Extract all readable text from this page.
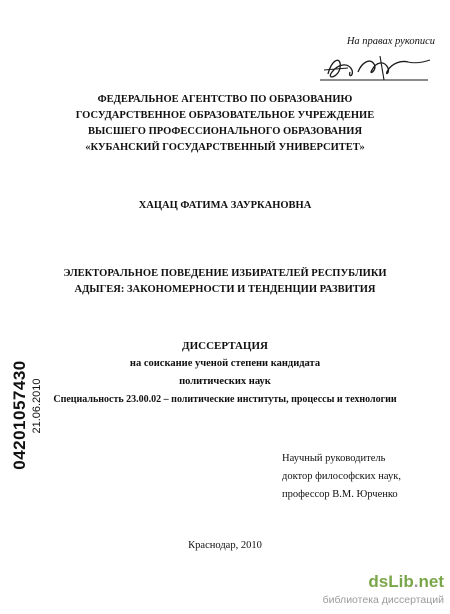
На правах рукописи
ФЕДЕРАЛЬНОЕ АГЕНТСТВО ПО ОБРАЗОВАНИЮ
ГОСУДАРСТВЕННОЕ ОБРАЗОВАТЕЛЬНОЕ УЧРЕЖДЕНИЕ
ВЫСШЕГО ПРОФЕССИОНАЛЬНОГО ОБРАЗОВАНИЯ
«КУБАНСКИЙ ГОСУДАРСТВЕННЫЙ УНИВЕРСИТЕТ»
ХАЦАЦ ФАТИМА ЗАУРКАНОВНА
ЭЛЕКТОРАЛЬНОЕ ПОВЕДЕНИЕ ИЗБИРАТЕЛЕЙ РЕСПУБЛИКИ
АДЫГЕЯ: ЗАКОНОМЕРНОСТИ И ТЕНДЕНЦИИ РАЗВИТИЯ
ДИССЕРТАЦИЯ
на соискание ученой степени кандидата
политических наук
Специальность 23.00.02 – политические институты, процессы и технологии
Научный руководитель
доктор философских наук,
профессор В.М. Юрченко
Краснодар, 2010
04201057430 21.06.2010
dsLib.net
библиотека диссертаций
